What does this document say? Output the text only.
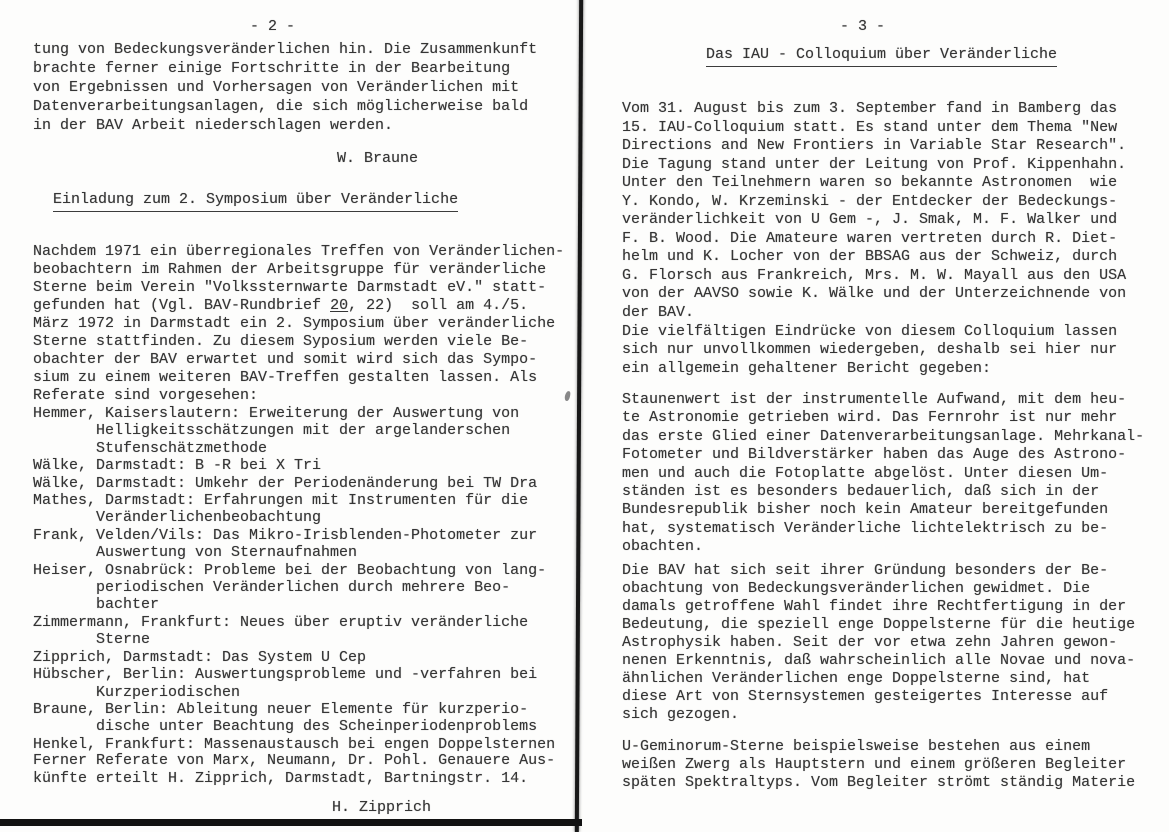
- 2 -
tung von Bedeckungsveränderlichen hin. Die Zusammenkunft
brachte ferner einige Fortschritte in der Bearbeitung
von Ergebnissen und Vorhersagen von Veränderlichen mit
Datenverarbeitungsanlagen, die sich möglicherweise bald
in der BAV Arbeit niederschlagen werden.
W. Braune
Einladung zum 2. Symposium über Veränderliche
Nachdem 1971 ein überregionales Treffen von Veränderlichen-
beobachtern im Rahmen der Arbeitsgruppe für veränderliche
Sterne beim Verein "Volkssternwarte Darmstadt eV." statt-
gefunden hat (Vgl. BAV-Rundbrief 20, 22)  soll am 4./5.
März 1972 in Darmstadt ein 2. Symposium über veränderliche
Sterne stattfinden. Zu diesem Syposium werden viele Be-
obachter der BAV erwartet und somit wird sich das Sympo-
sium zu einem weiteren BAV-Treffen gestalten lassen. Als
Referate sind vorgesehen:
Hemmer, Kaiserslautern: Erweiterung der Auswertung von
Helligkeitsschätzungen mit der argelanderschen
Stufenschätzmethode
Wälke, Darmstadt: B -R bei X Tri
Wälke, Darmstadt: Umkehr der Periodenänderung bei TW Dra
Mathes, Darmstadt: Erfahrungen mit Instrumenten für die
Veränderlichenbeobachtung
Frank, Velden/Vils: Das Mikro-Irisblenden-Photometer zur
Auswertung von Sternaufnahmen
Heiser, Osnabrück: Probleme bei der Beobachtung von lang-
periodischen Veränderlichen durch mehrere Beo-
bachter
Zimmermann, Frankfurt: Neues über eruptiv veränderliche
Sterne
Zipprich, Darmstadt: Das System U Cep
Hübscher, Berlin: Auswertungsprobleme und -verfahren bei
Kurzperiodischen
Braune, Berlin: Ableitung neuer Elemente für kurzperio-
dische unter Beachtung des Scheinperiodenproblems
Henkel, Frankfurt: Massenaustausch bei engen Doppelsternen
Ferner Referate von Marx, Neumann, Dr. Pohl. Genauere Aus-
künfte erteilt H. Zipprich, Darmstadt, Bartningstr. 14.
H. Zipprich
- 3 -
Das IAU - Colloquium über Veränderliche
Vom 31. August bis zum 3. September fand in Bamberg das
15. IAU-Colloquium statt. Es stand unter dem Thema "New
Directions and New Frontiers in Variable Star Research".
Die Tagung stand unter der Leitung von Prof. Kippenhahn.
Unter den Teilnehmern waren so bekannte Astronomen  wie
Y. Kondo, W. Krzeminski - der Entdecker der Bedeckungs-
veränderlichkeit von U Gem -, J. Smak, M. F. Walker und
F. B. Wood. Die Amateure waren vertreten durch R. Diet-
helm und K. Locher von der BBSAG aus der Schweiz, durch
G. Florsch aus Frankreich, Mrs. M. W. Mayall aus den USA
von der AAVSO sowie K. Wälke und der Unterzeichnende von
der BAV.
Die vielfältigen Eindrücke von diesem Colloquium lassen
sich nur unvollkommen wiedergeben, deshalb sei hier nur
ein allgemein gehaltener Bericht gegeben:
Staunenwert ist der instrumentelle Aufwand, mit dem heu-
te Astronomie getrieben wird. Das Fernrohr ist nur mehr
das erste Glied einer Datenverarbeitungsanlage. Mehrkanal-
Fotometer und Bildverstärker haben das Auge des Astrono-
men und auch die Fotoplatte abgelöst. Unter diesen Um-
ständen ist es besonders bedauerlich, daß sich in der
Bundesrepublik bisher noch kein Amateur bereitgefunden
hat, systematisch Veränderliche lichtelektrisch zu be-
obachten.
Die BAV hat sich seit ihrer Gründung besonders der Be-
obachtung von Bedeckungsveränderlichen gewidmet. Die
damals getroffene Wahl findet ihre Rechtfertigung in der
Bedeutung, die speziell enge Doppelsterne für die heutige
Astrophysik haben. Seit der vor etwa zehn Jahren gewon-
nenen Erkenntnis, daß wahrscheinlich alle Novae und nova-
ähnlichen Veränderlichen enge Doppelsterne sind, hat
diese Art von Sternsystemen gesteigertes Interesse auf
sich gezogen.
U-Geminorum-Sterne beispielsweise bestehen aus einem
weißen Zwerg als Hauptstern und einem größeren Begleiter
späten Spektraltyps. Vom Begleiter strömt ständig Materie
